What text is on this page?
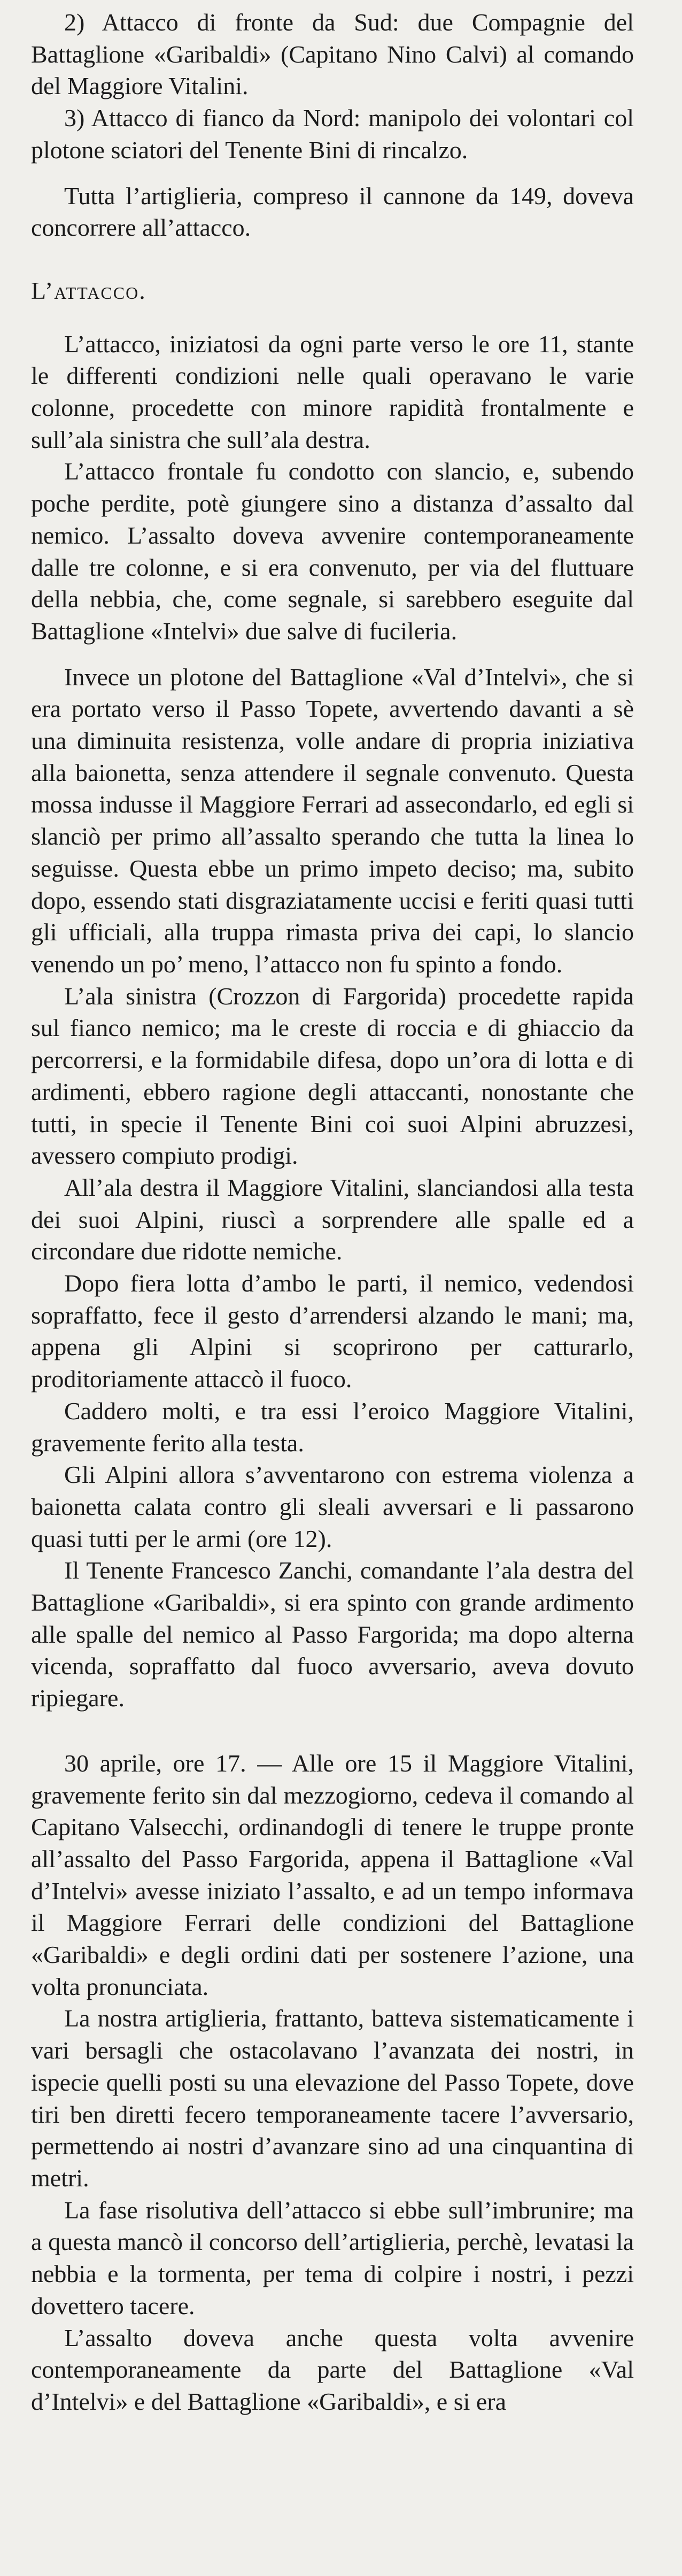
2) Attacco di fronte da Sud: due Compagnie del Battaglione «Garibaldi» (Capitano Nino Calvi) al comando del Maggiore Vitalini.

3) Attacco di fianco da Nord: manipolo dei volontari col plotone sciatori del Tenente Bini di rincalzo.

Tutta l’artiglieria, compreso il cannone da 149, doveva concorrere all’attacco.

L’attacco.

L’attacco, iniziatosi da ogni parte verso le ore 11, stante le differenti condizioni nelle quali operavano le varie colonne, procedette con minore rapidità frontalmente e sull’ala sinistra che sull’ala destra.

L’attacco frontale fu condotto con slancio, e, subendo poche perdite, potè giungere sino a distanza d’assalto dal nemico. L’assalto doveva avvenire contemporaneamente dalle tre colonne, e si era convenuto, per via del fluttuare della nebbia, che, come segnale, si sarebbero eseguite dal Battaglione «Intelvi» due salve di fucileria.

Invece un plotone del Battaglione «Val d’Intelvi», che si era portato verso il Passo Topete, avvertendo davanti a sè una diminuita resistenza, volle andare di propria iniziativa alla baionetta, senza attendere il segnale convenuto. Questa mossa indusse il Maggiore Ferrari ad assecondarlo, ed egli si slanciò per primo all’assalto sperando che tutta la linea lo seguisse. Questa ebbe un primo impeto deciso; ma, subito dopo, essendo stati disgraziatamente uccisi e feriti quasi tutti gli ufficiali, alla truppa rimasta priva dei capi, lo slancio venendo un po’ meno, l’attacco non fu spinto a fondo.

L’ala sinistra (Crozzon di Fargorida) procedette rapida sul fianco nemico; ma le creste di roccia e di ghiaccio da percorrersi, e la formidabile difesa, dopo un’ora di lotta e di ardimenti, ebbero ragione degli attaccanti, nonostante che tutti, in specie il Tenente Bini coi suoi Alpini abruzzesi, avessero compiuto prodigi.

All’ala destra il Maggiore Vitalini, slanciandosi alla testa dei suoi Alpini, riuscì a sorprendere alle spalle ed a circondare due ridotte nemiche.

Dopo fiera lotta d’ambo le parti, il nemico, vedendosi sopraffatto, fece il gesto d’arrendersi alzando le mani; ma, appena gli Alpini si scoprirono per catturarlo, proditoriamente attaccò il fuoco.

Caddero molti, e tra essi l’eroico Maggiore Vitalini, gravemente ferito alla testa.

Gli Alpini allora s’avventarono con estrema violenza a baionetta calata contro gli sleali avversari e li passarono quasi tutti per le armi (ore 12).

Il Tenente Francesco Zanchi, comandante l’ala destra del Battaglione «Garibaldi», si era spinto con grande ardimento alle spalle del nemico al Passo Fargorida; ma dopo alterna vicenda, sopraffatto dal fuoco avversario, aveva dovuto ripiegare.

30 aprile, ore 17. — Alle ore 15 il Maggiore Vitalini, gravemente ferito sin dal mezzogiorno, cedeva il comando al Capitano Valsecchi, ordinandogli di tenere le truppe pronte all’assalto del Passo Fargorida, appena il Battaglione «Val d’Intelvi» avesse iniziato l’assalto, e ad un tempo informava il Maggiore Ferrari delle condizioni del Battaglione «Garibaldi» e degli ordini dati per sostenere l’azione, una volta pronunciata.

La nostra artiglieria, frattanto, batteva sistematicamente i vari bersagli che ostacolavano l’avanzata dei nostri, in ispecie quelli posti su una elevazione del Passo Topete, dove tiri ben diretti fecero temporaneamente tacere l’avversario, permettendo ai nostri d’avanzare sino ad una cinquantina di metri.

La fase risolutiva dell’attacco si ebbe sull’imbrunire; ma a questa mancò il concorso dell’artiglieria, perchè, levatasi la nebbia e la tormenta, per tema di colpire i nostri, i pezzi dovettero tacere.

L’assalto doveva anche questa volta avvenire contemporaneamente da parte del Battaglione «Val d’Intelvi» e del Battaglione «Garibaldi», e si era
